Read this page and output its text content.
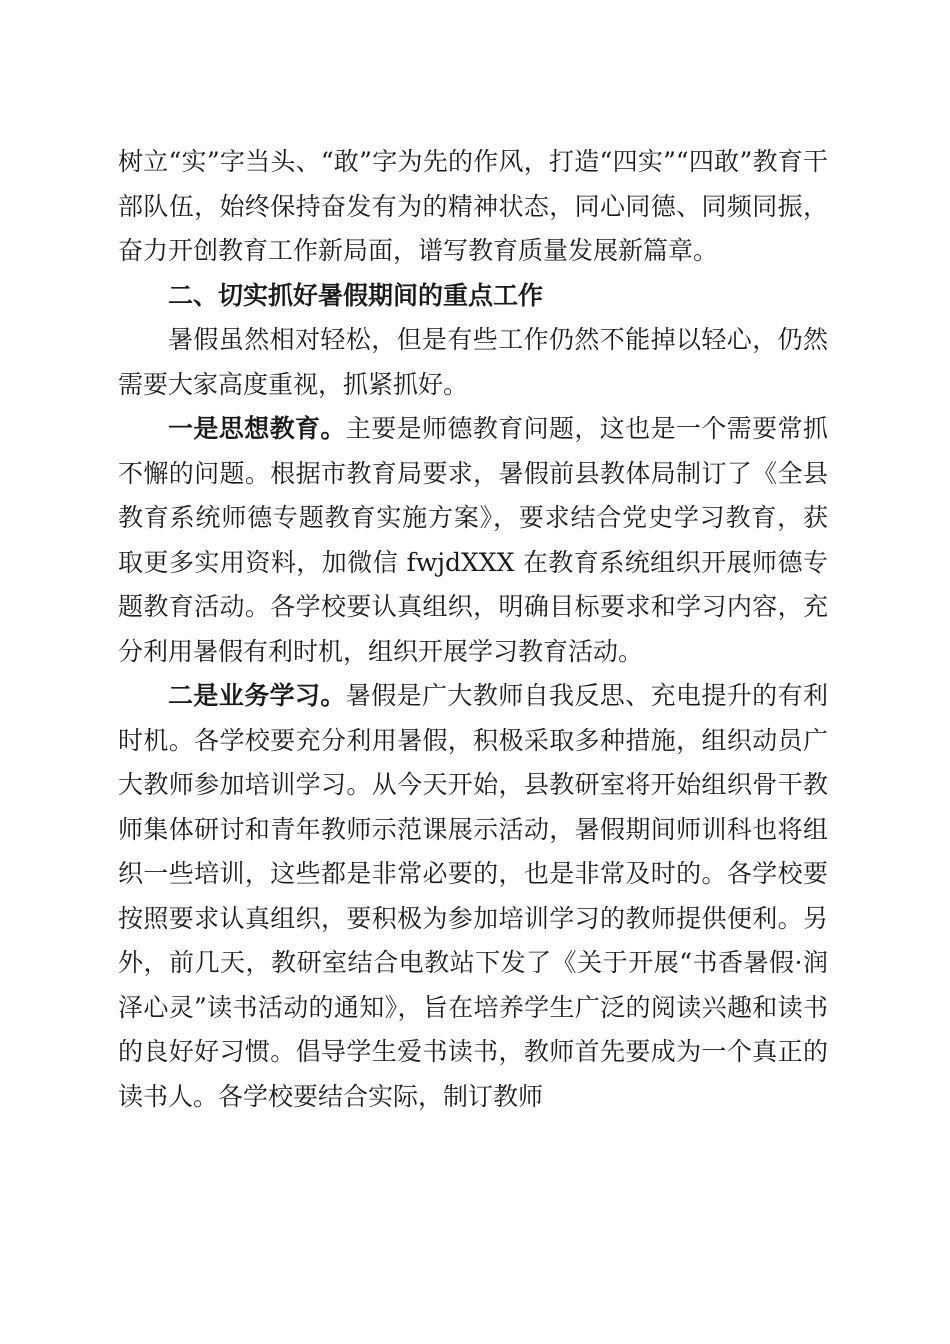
树立“实”字当头、“敢”字为先的作风，打造“四实”“四敢”教育干部队伍，始终保持奋发有为的精神状态，同心同德、同频同振，奋力开创教育工作新局面，谱写教育质量发展新篇章。

二、切实抓好暑假期间的重点工作

暑假虽然相对轻松，但是有些工作仍然不能掉以轻心，仍然需要大家高度重视，抓紧抓好。

一是思想教育。主要是师德教育问题，这也是一个需要常抓不懈的问题。根据市教育局要求，暑假前县教体局制订了《全县教育系统师德专题教育实施方案》，要求结合党史学习教育，获取更多实用资料，加微信 fwjdXXX 在教育系统组织开展师德专题教育活动。各学校要认真组织，明确目标要求和学习内容，充分利用暑假有利时机，组织开展学习教育活动。

二是业务学习。暑假是广大教师自我反思、充电提升的有利时机。各学校要充分利用暑假，积极采取多种措施，组织动员广大教师参加培训学习。从今天开始，县教研室将开始组织骨干教师集体研讨和青年教师示范课展示活动，暑假期间师训科也将组织一些培训，这些都是非常必要的，也是非常及时的。各学校要按照要求认真组织，要积极为参加培训学习的教师提供便利。另外，前几天，教研室结合电教站下发了《关于开展“书香暑假·润泽心灵”读书活动的通知》，旨在培养学生广泛的阅读兴趣和读书的良好好习惯。倡导学生爱书读书，教师首先要成为一个真正的读书人。各学校要结合实际，制订教师
